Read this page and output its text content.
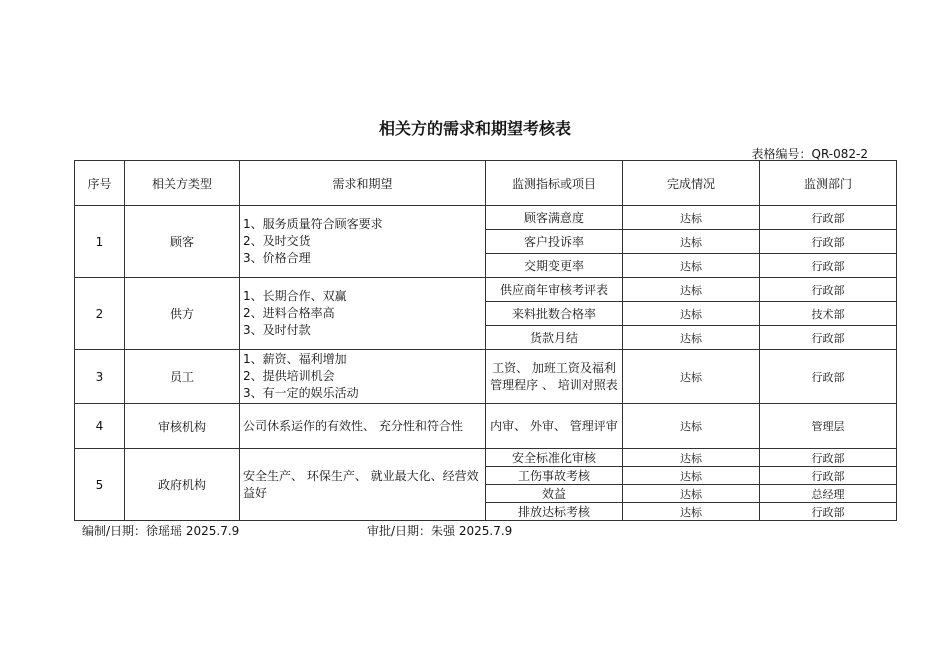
相关方的需求和期望考核表
表格编号：QR-082-2
序号	相关方类型	需求和期望	监测指标或项目	完成情况	监测部门
1	顾客	1、服务质量符合顾客要求
2、及时交货
3、价格合理	顾客满意度	达标	行政部
			客户投诉率	达标	行政部
			交期变更率	达标	行政部
2	供方	1、长期合作、双赢
2、进料合格率高
3、及时付款	供应商年审核考评表	达标	行政部
			来料批数合格率	达标	技术部
			货款月结	达标	行政部
3	员工	1、薪资、福利增加
2、提供培训机会
3、有一定的娱乐活动	工资、 加班工资及福利管理程序 、 培训对照表	达标	行政部
4	审核机构	公司休系运作的有效性、 充分性和符合性	内审、 外审、 管理评审	达标	管理层
5	政府机构	安全生产、 环保生产、 就业最大化、经营效益好	安全标准化审核	达标	行政部
			工伤事故考核	达标	行政部
			效益	达标	总经理
			排放达标考核	达标	行政部
编制/日期：徐瑶瑶 2025.7.9	审批/日期：朱强 2025.7.9
